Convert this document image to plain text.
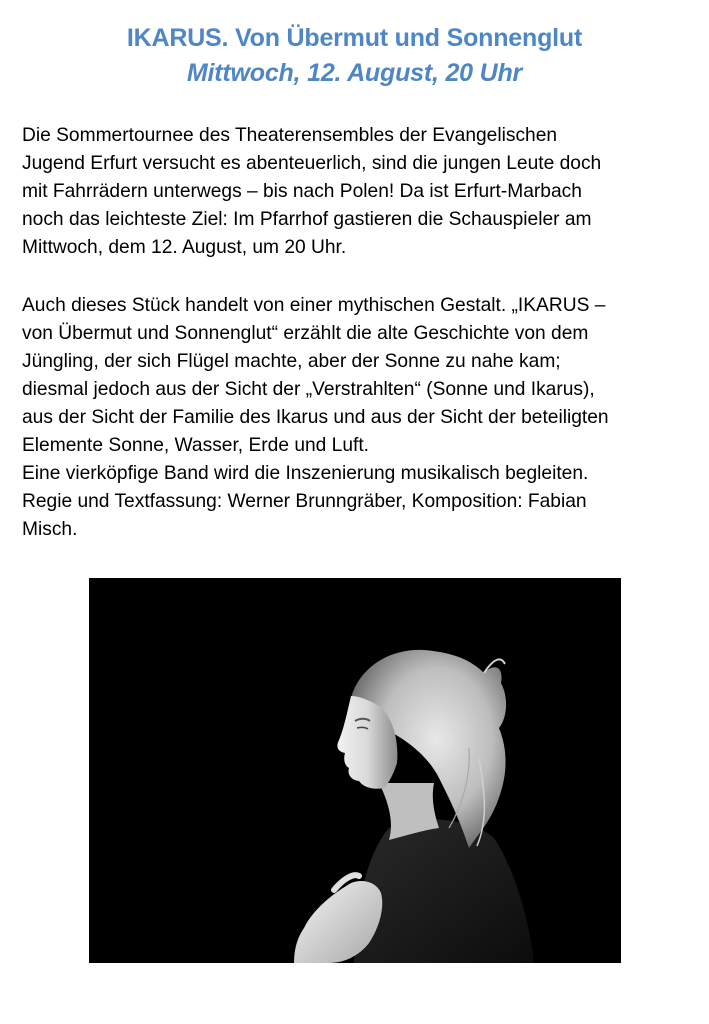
IKARUS. Von Übermut und Sonnenglut
Mittwoch, 12. August, 20 Uhr

Die Sommertournee des Theaterensembles der Evangelischen
Jugend Erfurt versucht es abenteuerlich, sind die jungen Leute doch
mit Fahrrädern unterwegs – bis nach Polen! Da ist Erfurt-Marbach
noch das leichteste Ziel: Im Pfarrhof gastieren die Schauspieler am
Mittwoch, dem 12. August, um 20 Uhr.

Auch dieses Stück handelt von einer mythischen Gestalt. „IKARUS –
von Übermut und Sonnenglut“ erzählt die alte Geschichte von dem
Jüngling, der sich Flügel machte, aber der Sonne zu nahe kam;
diesmal jedoch aus der Sicht der „Verstrahlten“ (Sonne und Ikarus),
aus der Sicht der Familie des Ikarus und aus der Sicht der beteiligten
Elemente Sonne, Wasser, Erde und Luft.
Eine vierköpfige Band wird die Inszenierung musikalisch begleiten.
Regie und Textfassung: Werner Brunngräber, Komposition: Fabian
Misch.
